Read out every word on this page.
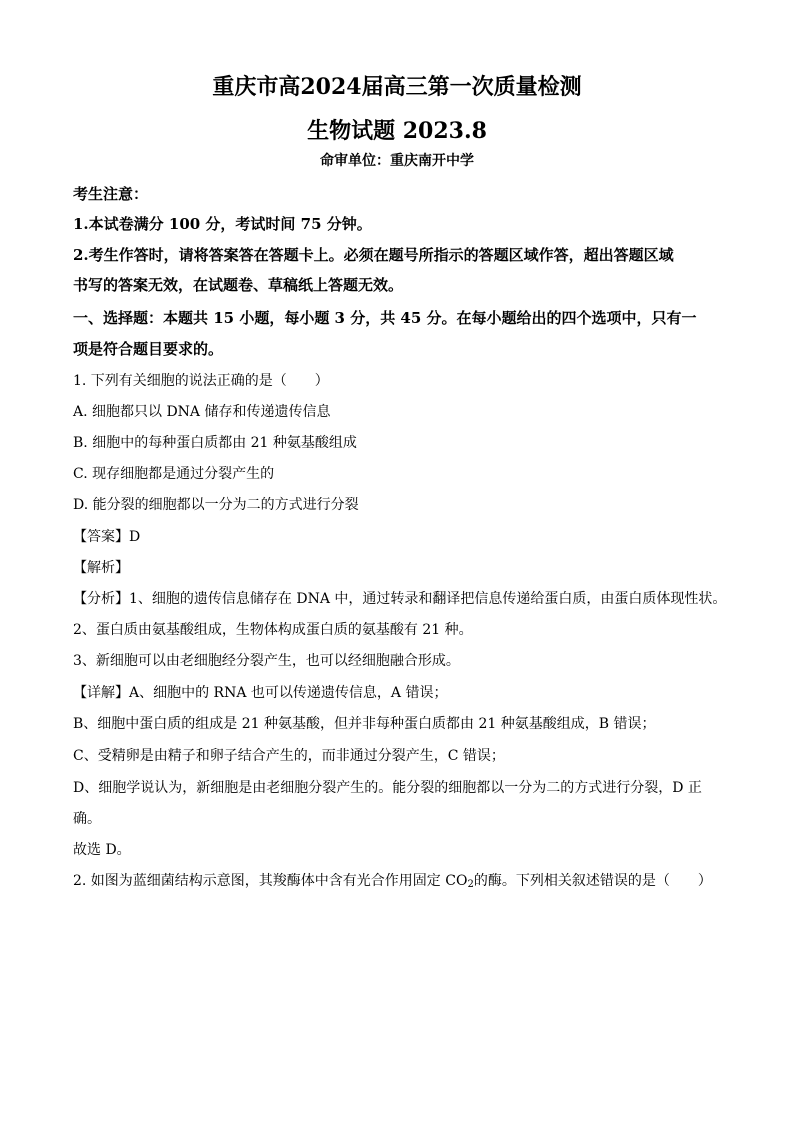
重庆市高2024届高三第一次质量检测
生物试题 2023.8
命审单位：重庆南开中学
考生注意：
1.本试卷满分 100 分，考试时间 75 分钟。
2.考生作答时，请将答案答在答题卡上。必须在题号所指示的答题区域作答，超出答题区域
书写的答案无效，在试题卷、草稿纸上答题无效。
一、选择题：本题共 15 小题，每小题 3 分，共 45 分。在每小题给出的四个选项中，只有一
项是符合题目要求的。
1. 下列有关细胞的说法正确的是（　　）
A. 细胞都只以 DNA 储存和传递遗传信息
B. 细胞中的每种蛋白质都由 21 种氨基酸组成
C. 现存细胞都是通过分裂产生的
D. 能分裂的细胞都以一分为二的方式进行分裂
【答案】D
【解析】
【分析】1、细胞的遗传信息储存在 DNA 中，通过转录和翻译把信息传递给蛋白质，由蛋白质体现性状。
2、蛋白质由氨基酸组成，生物体构成蛋白质的氨基酸有 21 种。
3、新细胞可以由老细胞经分裂产生，也可以经细胞融合形成。
【详解】A、细胞中的 RNA 也可以传递遗传信息，A 错误；
B、细胞中蛋白质的组成是 21 种氨基酸，但并非每种蛋白质都由 21 种氨基酸组成，B 错误；
C、受精卵是由精子和卵子结合产生的，而非通过分裂产生，C 错误；
D、细胞学说认为，新细胞是由老细胞分裂产生的。能分裂的细胞都以一分为二的方式进行分裂，D 正
确。
故选 D。
2. 如图为蓝细菌结构示意图，其羧酶体中含有光合作用固定 $CO_2$的酶。下列相关叙述错误的是（　　）
